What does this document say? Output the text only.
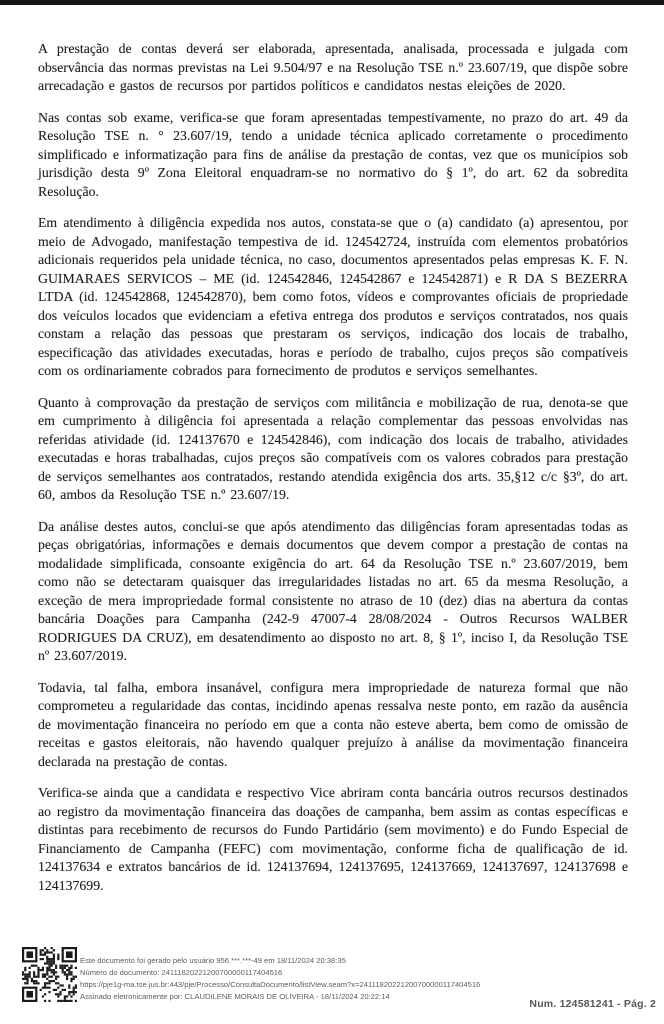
A prestação de contas deverá ser elaborada, apresentada, analisada, processada e julgada com observância das normas previstas na Lei 9.504/97 e na Resolução TSE n.º 23.607/19, que dispõe sobre arrecadação e gastos de recursos por partidos políticos e candidatos nestas eleições de 2020.

Nas contas sob exame, verifica-se que foram apresentadas tempestivamente, no prazo do art. 49 da Resolução TSE n. ° 23.607/19, tendo a unidade técnica aplicado corretamente o procedimento simplificado e informatização para fins de análise da prestação de contas, vez que os municípios sob jurisdição desta 9º Zona Eleitoral enquadram-se no normativo do § 1º, do art. 62 da sobredita Resolução.

Em atendimento à diligência expedida nos autos, constata-se que o (a) candidato (a) apresentou, por meio de Advogado, manifestação tempestiva de id. 124542724, instruída com elementos probatórios adicionais requeridos pela unidade técnica, no caso, documentos apresentados pelas empresas K. F. N. GUIMARAES SERVICOS – ME (id. 124542846, 124542867 e 124542871) e R DA S BEZERRA LTDA (id. 124542868, 124542870), bem como fotos, vídeos e comprovantes oficiais de propriedade dos veículos locados que evidenciam a efetiva entrega dos produtos e serviços contratados, nos quais constam a relação das pessoas que prestaram os serviços, indicação dos locais de trabalho, especificação das atividades executadas, horas e período de trabalho, cujos preços são compatíveis com os ordinariamente cobrados para fornecimento de produtos e serviços semelhantes.

Quanto à comprovação da prestação de serviços com militância e mobilização de rua, denota-se que em cumprimento à diligência foi apresentada a relação complementar das pessoas envolvidas nas referidas atividade (id. 124137670 e 124542846), com indicação dos locais de trabalho, atividades executadas e horas trabalhadas, cujos preços são compatíveis com os valores cobrados para prestação de serviços semelhantes aos contratados, restando atendida exigência dos arts. 35,§12 c/c §3º, do art. 60, ambos da Resolução TSE n.º 23.607/19.

Da análise destes autos, conclui-se que após atendimento das diligências foram apresentadas todas as peças obrigatórias, informações e demais documentos que devem compor a prestação de contas na modalidade simplificada, consoante exigência do art. 64 da Resolução TSE n.º 23.607/2019, bem como não se detectaram quaisquer das irregularidades listadas no art. 65 da mesma Resolução, a exceção de mera impropriedade formal consistente no atraso de 10 (dez) dias na abertura da contas bancária Doações para Campanha (242-9 47007-4 28/08/2024 - Outros Recursos WALBER RODRIGUES DA CRUZ), em desatendimento ao disposto no art. 8, § 1º, inciso I, da Resolução TSE nº 23.607/2019.

Todavia, tal falha, embora insanável, configura mera impropriedade de natureza formal que não comprometeu a regularidade das contas, incidindo apenas ressalva neste ponto, em razão da ausência de movimentação financeira no período em que a conta não esteve aberta, bem como de omissão de receitas e gastos eleitorais, não havendo qualquer prejuízo à análise da movimentação financeira declarada na prestação de contas.

Verifica-se ainda que a candidata e respectivo Vice abriram conta bancária outros recursos destinados ao registro da movimentação financeira das doações de campanha, bem assim as contas específicas e distintas para recebimento de recursos do Fundo Partidário (sem movimento) e do Fundo Especial de Financiamento de Campanha (FEFC) com movimentação, conforme ficha de qualificação de id. 124137634 e extratos bancários de id. 124137694, 124137695, 124137669, 124137697, 124137698 e 124137699.

Este documento foi gerado pelo usuário 956.***.***-49 em 18/11/2024 20:38:35
Número do documento: 24111820221200700000117404516
https://pje1g-ma.tse.jus.br:443/pje/Processo/ConsultaDocumento/listView.seam?x=24111820221200700000117404516
Assinado eletronicamente por: CLAUDILENE MORAIS DE OLIVEIRA - 18/11/2024 20:22:14
Num. 124581241 - Pág. 2
